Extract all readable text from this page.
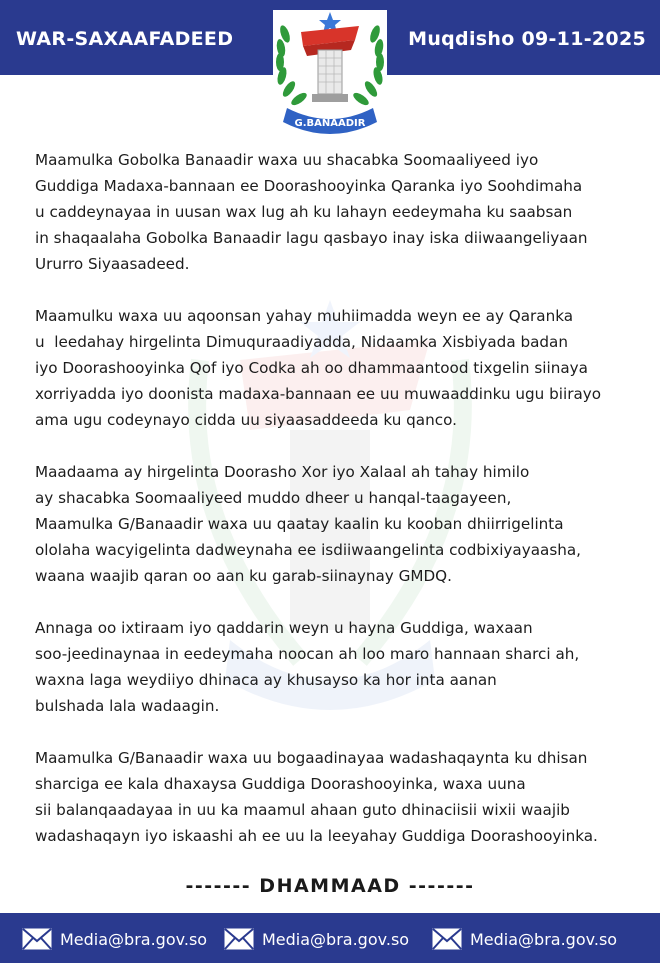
WAR-SAXAAFADEED	Muqdisho 09-11-2025
G.BANAADIR
Maamulka Gobolka Banaadir waxa uu shacabka Soomaaliyeed iyo
Guddiga Madaxa-bannaan ee Doorashooyinka Qaranka iyo Soohdimaha
u caddeynayaa in uusan wax lug ah ku lahayn eedeymaha ku saabsan
in shaqaalaha Gobolka Banaadir lagu qasbayo inay iska diiwaangeliyaan
Ururro Siyaasadeed.
Maamulku waxa uu aqoonsan yahay muhiimadda weyn ee ay Qaranka
u  leedahay hirgelinta Dimuquraadiyadda, Nidaamka Xisbiyada badan
iyo Doorashooyinka Qof iyo Codka ah oo dhammaantood tixgelin siinaya
xorriyadda iyo doonista madaxa-bannaan ee uu muwaaddinku ugu biirayo
ama ugu codeynayo cidda uu siyaasaddeeda ku qanco.
Maadaama ay hirgelinta Doorasho Xor iyo Xalaal ah tahay himilo
ay shacabka Soomaaliyeed muddo dheer u hanqal-taagayeen,
Maamulka G/Banaadir waxa uu qaatay kaalin ku kooban dhiirrigelinta
ololaha wacyigelinta dadweynaha ee isdiiwaangelinta codbixiyayaasha,
waana waajib qaran oo aan ku garab-siinaynay GMDQ.
Annaga oo ixtiraam iyo qaddarin weyn u hayna Guddiga, waxaan
soo-jeedinaynaa in eedeymaha noocan ah loo maro hannaan sharci ah,
waxna laga weydiiyo dhinaca ay khusayso ka hor inta aanan
bulshada lala wadaagin.
Maamulka G/Banaadir waxa uu bogaadinayaa wadashaqaynta ku dhisan
sharciga ee kala dhaxaysa Guddiga Doorashooyinka, waxa uuna
sii balanqaadayaa in uu ka maamul ahaan guto dhinaciisii wixii waajib
wadashaqayn iyo iskaashi ah ee uu la leeyahay Guddiga Doorashooyinka.
------- DHAMMAAD -------
Media@bra.gov.so	Media@bra.gov.so	Media@bra.gov.so
